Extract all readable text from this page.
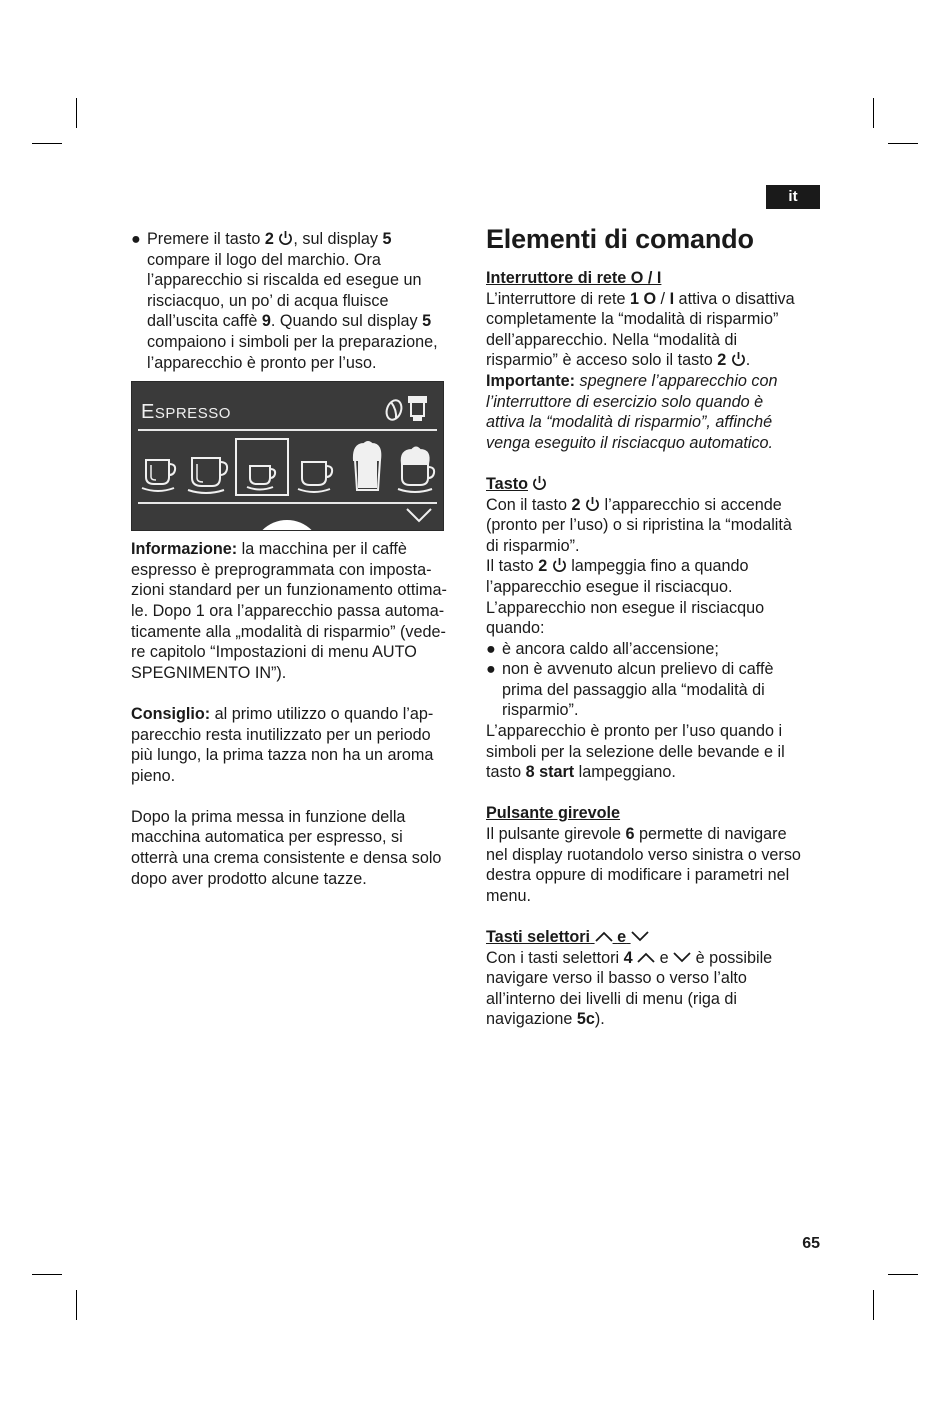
it
● Premere il tasto 2 , sul display 5

compare il logo del marchio. Ora

l’apparecchio si riscalda ed esegue un

risciacquo, un po’ di acqua fluisce

dall’uscita caffè 9. Quando sul display 5

compaiono i simboli per la preparazione,

l’apparecchio è pronto per l’uso.

ESPRESSO

Informazione: la macchina per il caffè

espresso è preprogrammata con imposta-

zioni standard per un funzionamento ottima-

le. Dopo 1 ora l’apparecchio passa automa-

ticamente alla „modalità di risparmio” (vede-

re capitolo “Impostazioni di menu AUTO

SPEGNIMENTO IN”).

Consiglio: al primo utilizzo o quando l’ap-

parecchio resta inutilizzato per un periodo

più lungo, la prima tazza non ha un aroma

pieno.

Dopo la prima messa in funzione della

macchina automatica per espresso, si

otterrà una crema consistente e densa solo

dopo aver prodotto alcune tazze.

Elementi di comando

Interruttore di rete O / I

L’interruttore di rete 1 O / I attiva o disattiva

completamente la “modalità di risparmio”

dell’apparecchio. Nella “modalità di

risparmio” è acceso solo il tasto 2 .

Importante: spegnere l’apparecchio con

l’interruttore di esercizio solo quando è

attiva la “modalità di risparmio”, affinché

venga eseguito il risciacquo automatico.

Tasto

Con il tasto 2
l’apparecchio si accende

(pronto per l’uso) o si ripristina la “modalità

di risparmio”.

Il tasto 2
lampeggia fino a quando

l’apparecchio esegue il risciacquo.

L’apparecchio non esegue il risciacquo

quando:

● è ancora caldo all’accensione;

● non è avvenuto alcun prelievo di caffè

prima del passaggio alla “modalità di

risparmio”.

L’apparecchio è pronto per l’uso quando i

simboli per la selezione delle bevande e il

tasto 8 start lampeggiano.

Pulsante girevole

Il pulsante girevole 6 permette di navigare

nel display ruotandolo verso sinistra o verso

destra oppure di modificare i parametri nel

menu.

Tasti selettori e

Con i tasti selettori 4 e  è possibile

navigare verso il basso o verso l’alto

all’interno dei livelli di menu (riga di

navigazione 5c).

65
